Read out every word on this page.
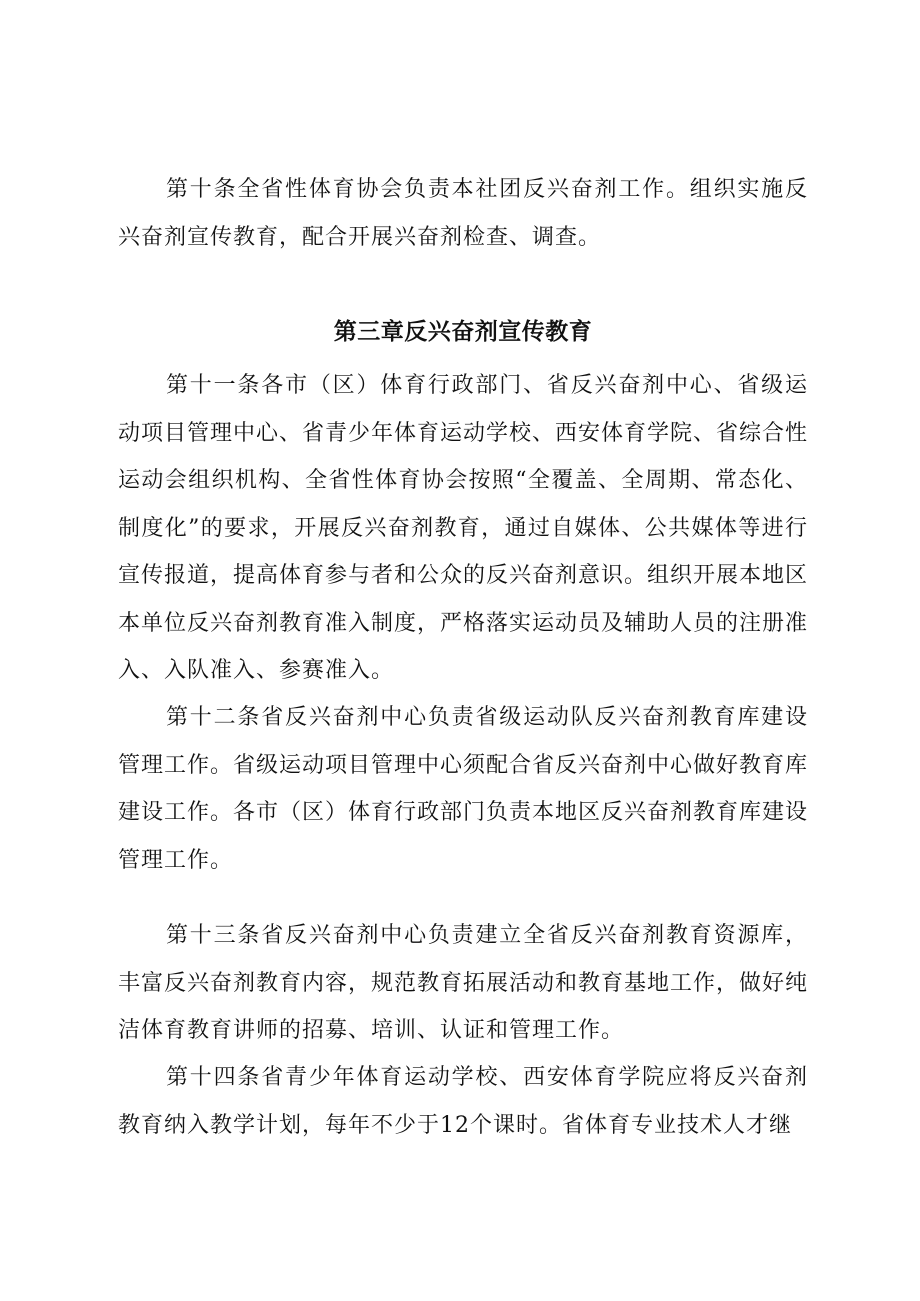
第十条全省性体育协会负责本社团反兴奋剂工作。组织实施反兴奋剂宣传教育，配合开展兴奋剂检查、调查。

第三章反兴奋剂宣传教育

第十一条各市（区）体育行政部门、省反兴奋剂中心、省级运动项目管理中心、省青少年体育运动学校、西安体育学院、省综合性运动会组织机构、全省性体育协会按照“全覆盖、全周期、常态化、制度化”的要求，开展反兴奋剂教育，通过自媒体、公共媒体等进行宣传报道，提高体育参与者和公众的反兴奋剂意识。组织开展本地区本单位反兴奋剂教育准入制度，严格落实运动员及辅助人员的注册准入、入队准入、参赛准入。

第十二条省反兴奋剂中心负责省级运动队反兴奋剂教育库建设管理工作。省级运动项目管理中心须配合省反兴奋剂中心做好教育库建设工作。各市（区）体育行政部门负责本地区反兴奋剂教育库建设管理工作。

第十三条省反兴奋剂中心负责建立全省反兴奋剂教育资源库，丰富反兴奋剂教育内容，规范教育拓展活动和教育基地工作，做好纯洁体育教育讲师的招募、培训、认证和管理工作。

第十四条省青少年体育运动学校、西安体育学院应将反兴奋剂教育纳入教学计划，每年不少于12个课时。省体育专业技术人才继
